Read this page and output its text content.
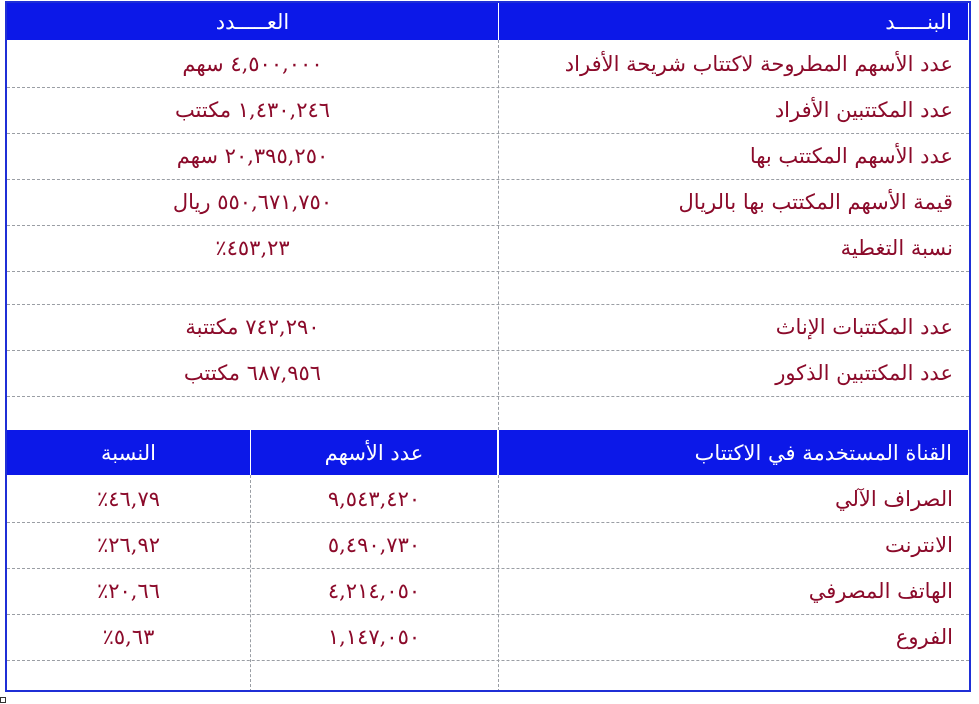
العـــــدد	البنـــــد
٤,٥٠٠,٠٠٠ سهم	عدد الأسهم المطروحة لاكتتاب شريحة الأفراد
١,٤٣٠,٢٤٦ مكتتب	عدد المكتتبين الأفراد
٢٠,٣٩٥,٢٥٠ سهم	عدد الأسهم المكتتب بها
٥٥٠,٦٧١,٧٥٠ ريال	قيمة الأسهم المكتتب بها بالريال
٤٥٣,٢٣٪	نسبة التغطية
٧٤٢,٢٩٠ مكتتبة	عدد المكتتبات الإناث
٦٨٧,٩٥٦ مكتتب	عدد المكتتبين الذكور
النسبة	عدد الأسهم	القناة المستخدمة في الاكتتاب
٤٦,٧٩٪	٩,٥٤٣,٤٢٠	الصراف الآلي
٢٦,٩٢٪	٥,٤٩٠,٧٣٠	الانترنت
٢٠,٦٦٪	٤,٢١٤,٠٥٠	الهاتف المصرفي
٥,٦٣٪	١,١٤٧,٠٥٠	الفروع
